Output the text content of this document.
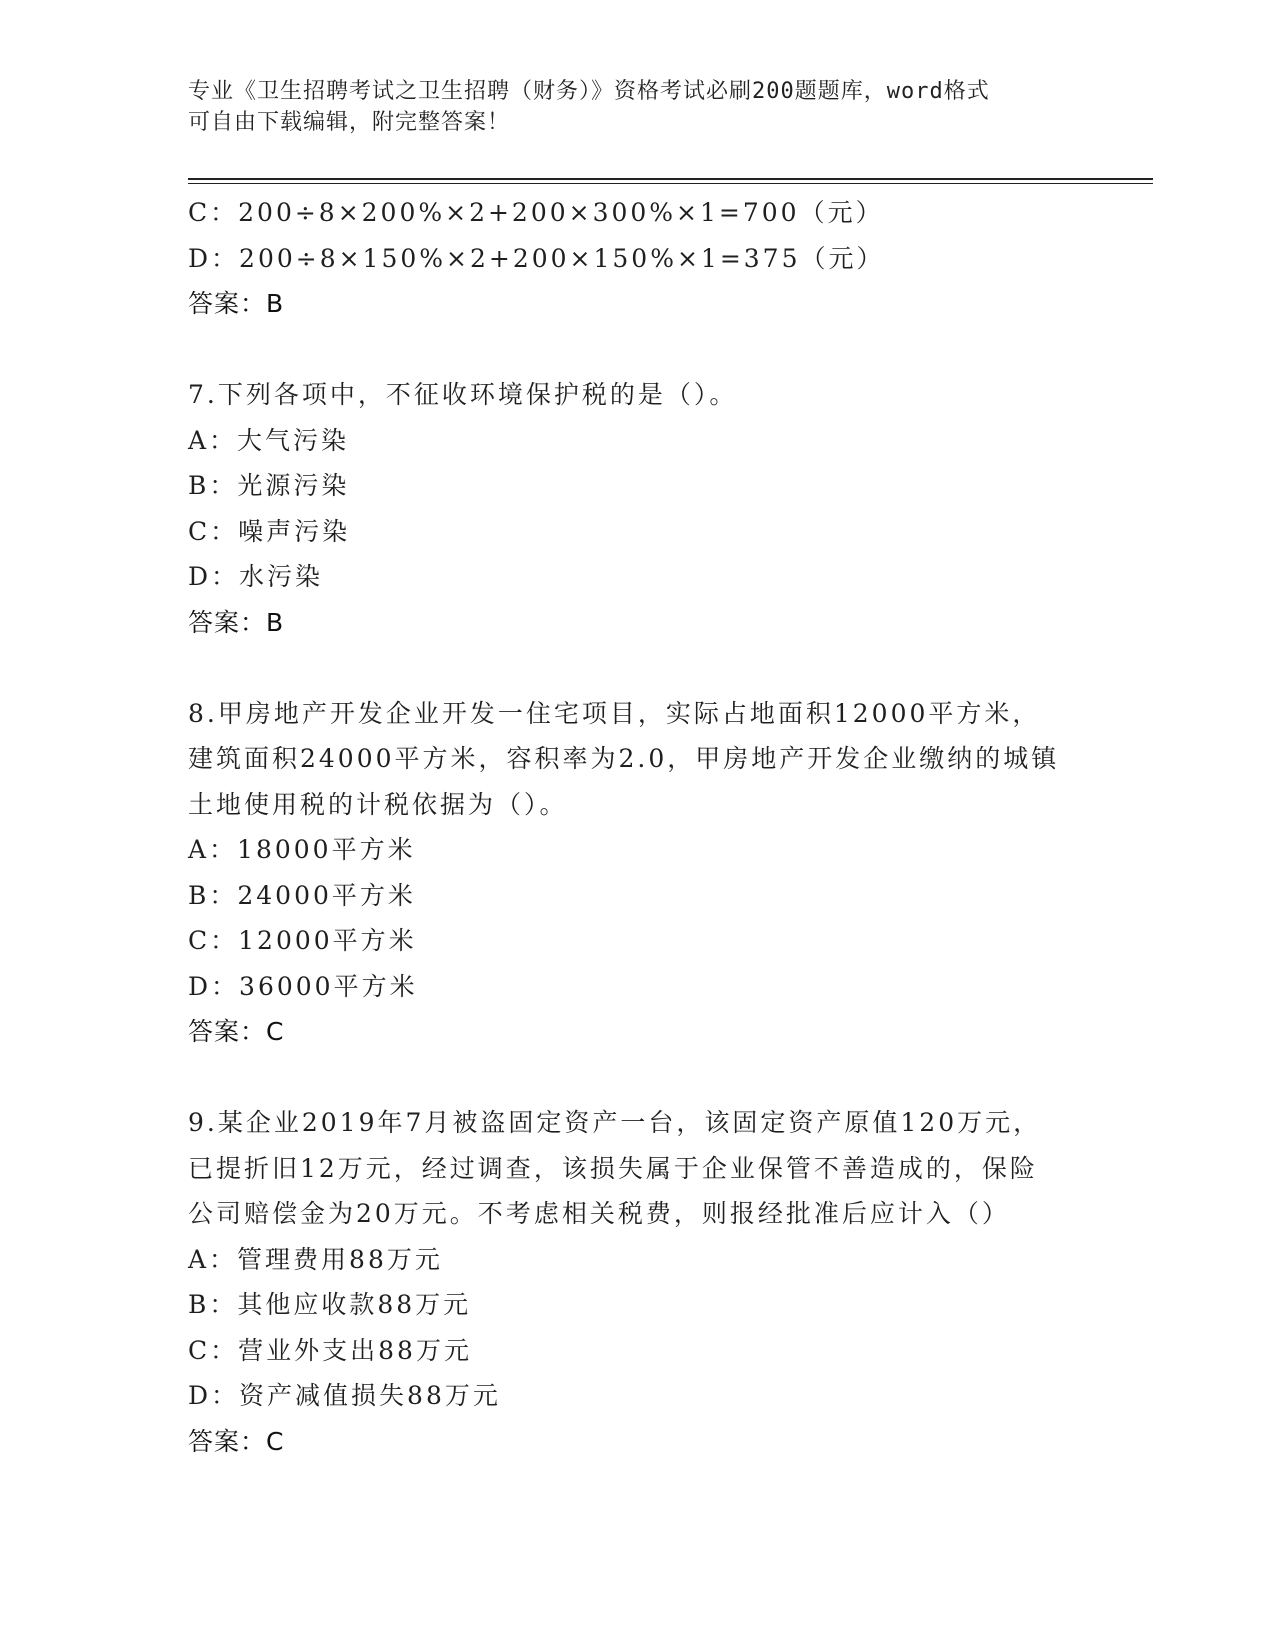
专业《卫生招聘考试之卫生招聘（财务）》资格考试必刷200题题库，word格式
可自由下载编辑，附完整答案！
C：200÷8×200%×2+200×300%×1=700（元）
D：200÷8×150%×2+200×150%×1=375（元）
答案：B
7.下列各项中，不征收环境保护税的是（）。
A：大气污染
B：光源污染
C：噪声污染
D：水污染
答案：B
8.甲房地产开发企业开发一住宅项目，实际占地面积12000平方米，
建筑面积24000平方米，容积率为2.0，甲房地产开发企业缴纳的城镇
土地使用税的计税依据为（）。
A：18000平方米
B：24000平方米
C：12000平方米
D：36000平方米
答案：C
9.某企业2019年7月被盗固定资产一台，该固定资产原值120万元，
已提折旧12万元，经过调查，该损失属于企业保管不善造成的，保险
公司赔偿金为20万元。不考虑相关税费，则报经批准后应计入（）
A：管理费用88万元
B：其他应收款88万元
C：营业外支出88万元
D：资产减值损失88万元
答案：C
